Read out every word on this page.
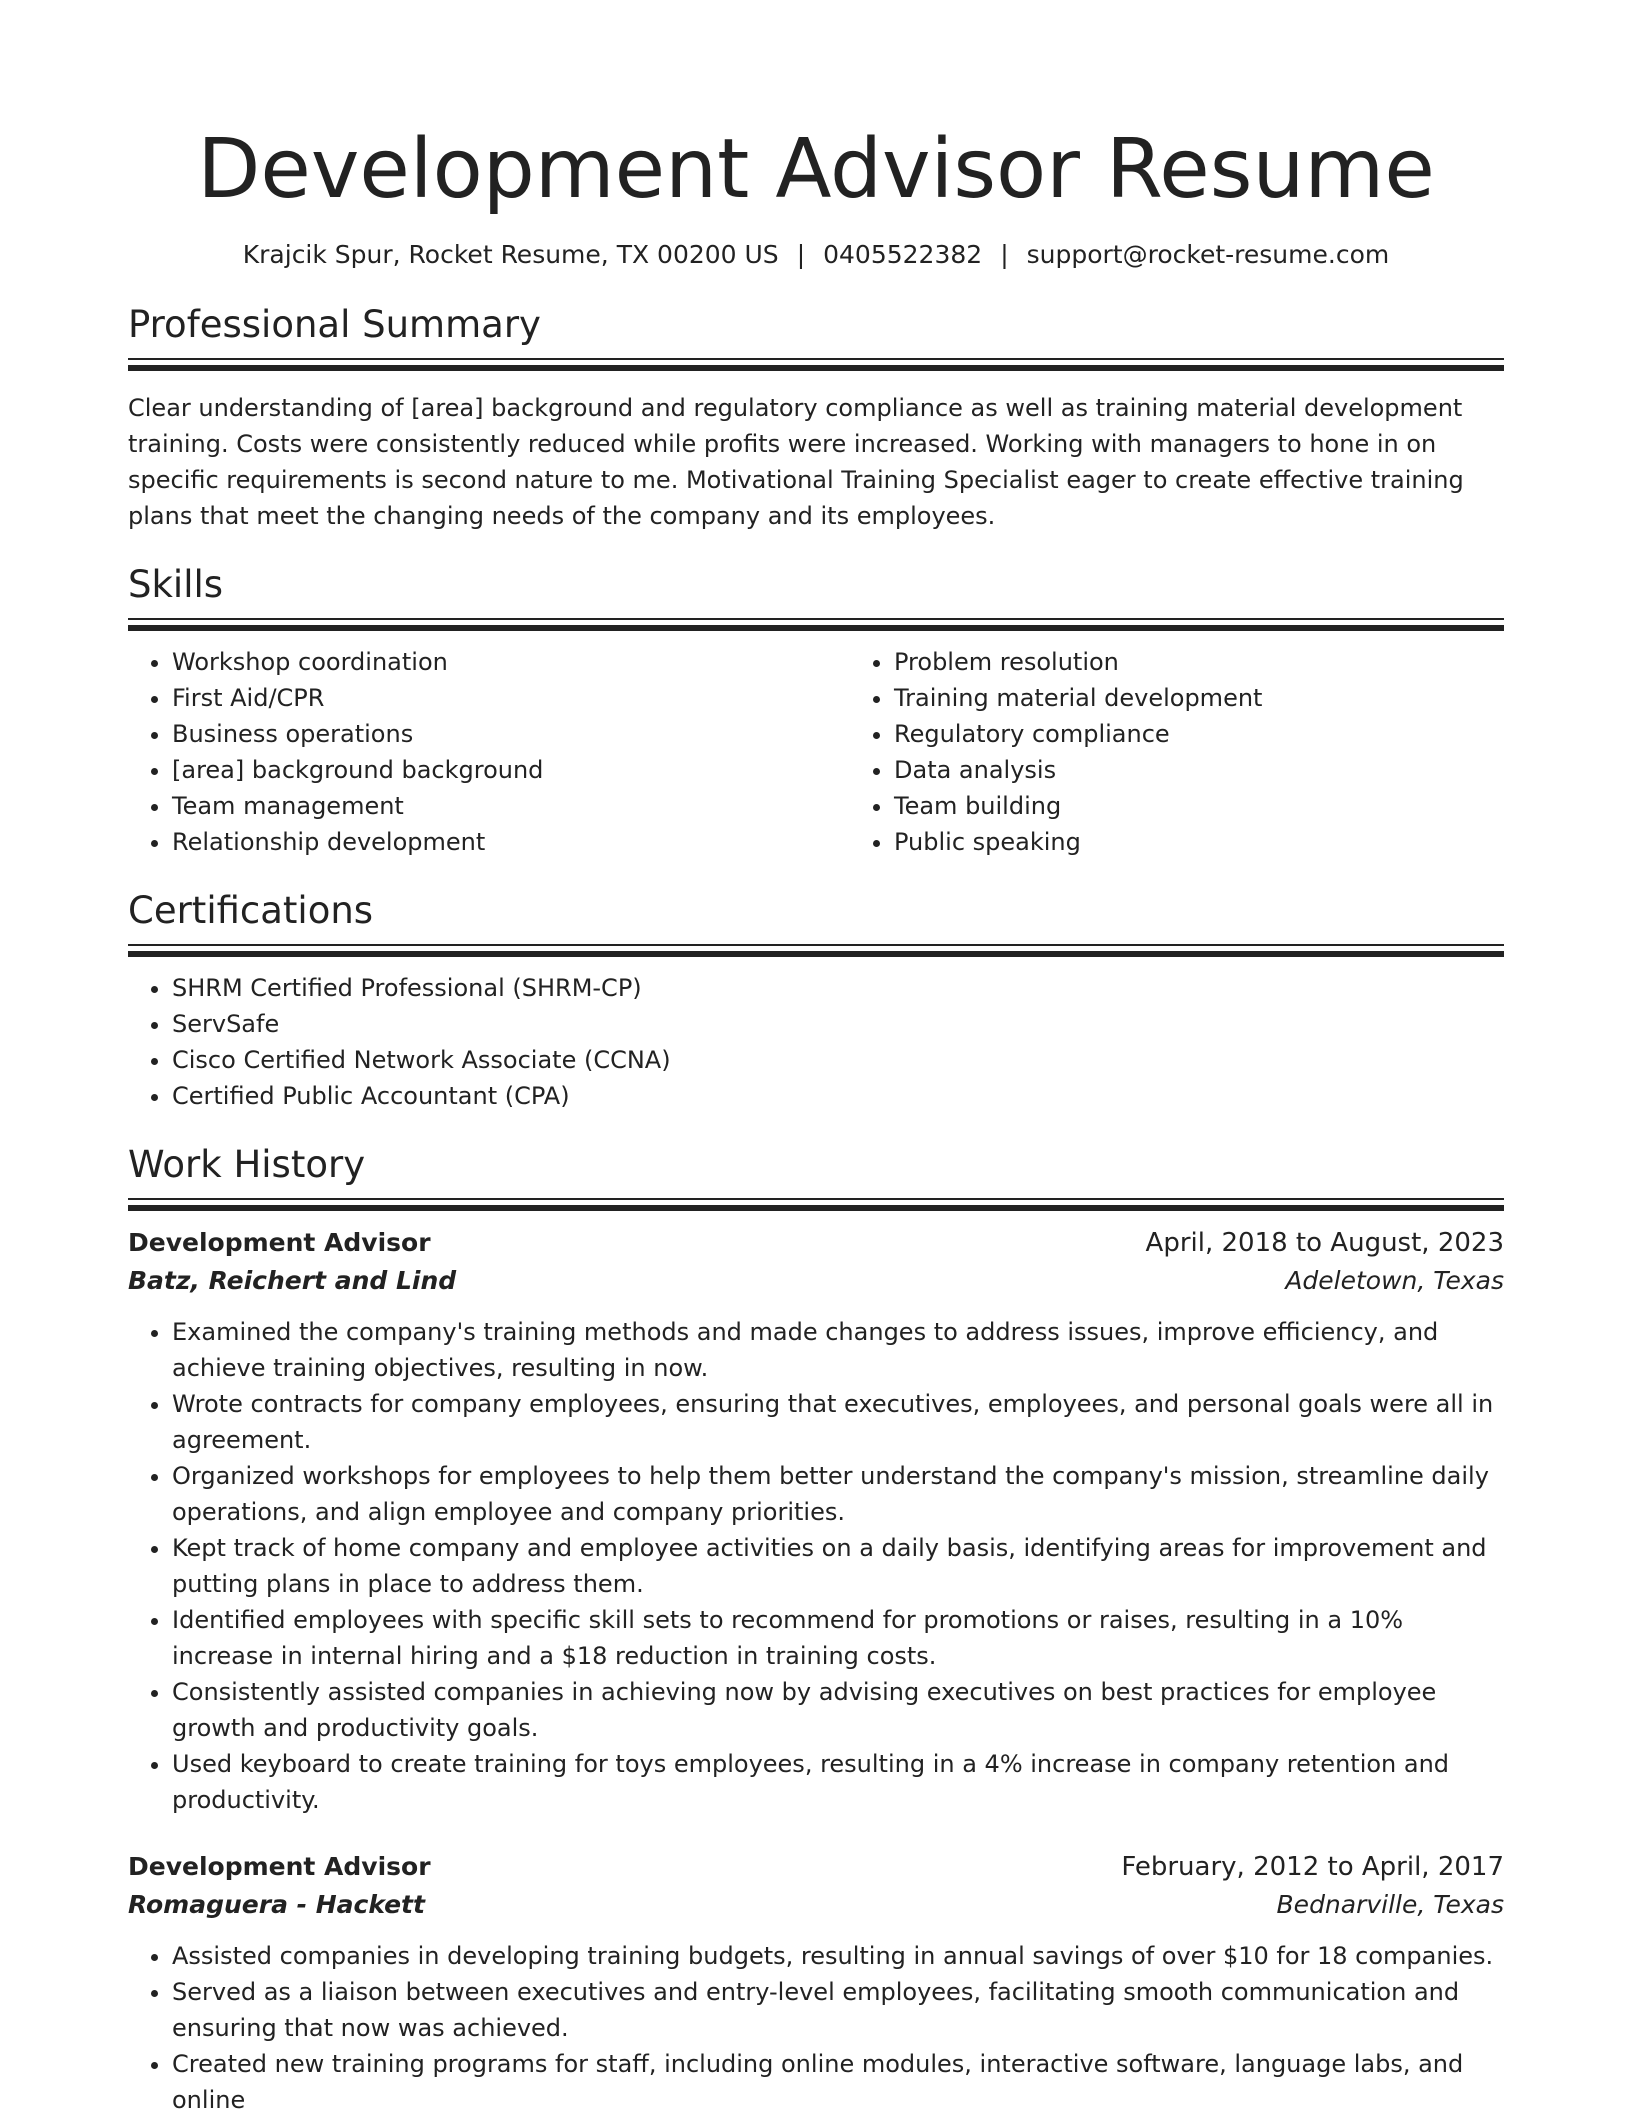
Development Advisor Resume
Krajcik Spur, Rocket Resume, TX 00200 US | 0405522382 | support@rocket-resume.com
Professional Summary

Clear understanding of [area] background and regulatory compliance as well as training material development training. Costs were consistently reduced while profits were increased. Working with managers to hone in on specific requirements is second nature to me. Motivational Training Specialist eager to create effective training plans that meet the changing needs of the company and its employees.

Skills
• Workshop coordination
• First Aid/CPR
• Business operations
• [area] background background
• Team management
• Relationship development
• Problem resolution
• Training material development
• Regulatory compliance
• Data analysis
• Team building
• Public speaking
Certifications
• SHRM Certified Professional (SHRM-CP)
• ServSafe
• Cisco Certified Network Associate (CCNA)
• Certified Public Accountant (CPA)
Work History
Development Advisor	April, 2018 to August, 2023
Batz, Reichert and Lind	Adeletown, Texas
• Examined the company's training methods and made changes to address issues, improve efficiency, and achieve training objectives, resulting in now.
• Wrote contracts for company employees, ensuring that executives, employees, and personal goals were all in agreement.
• Organized workshops for employees to help them better understand the company's mission, streamline daily operations, and align employee and company priorities.
• Kept track of home company and employee activities on a daily basis, identifying areas for improvement and putting plans in place to address them.
• Identified employees with specific skill sets to recommend for promotions or raises, resulting in a 10% increase in internal hiring and a $18 reduction in training costs.
• Consistently assisted companies in achieving now by advising executives on best practices for employee growth and productivity goals.
• Used keyboard to create training for toys employees, resulting in a 4% increase in company retention and productivity.
Development Advisor	February, 2012 to April, 2017
Romaguera - Hackett	Bednarville, Texas
• Assisted companies in developing training budgets, resulting in annual savings of over $10 for 18 companies.
• Served as a liaison between executives and entry-level employees, facilitating smooth communication and ensuring that now was achieved.
• Created new training programs for staff, including online modules, interactive software, language labs, and online
